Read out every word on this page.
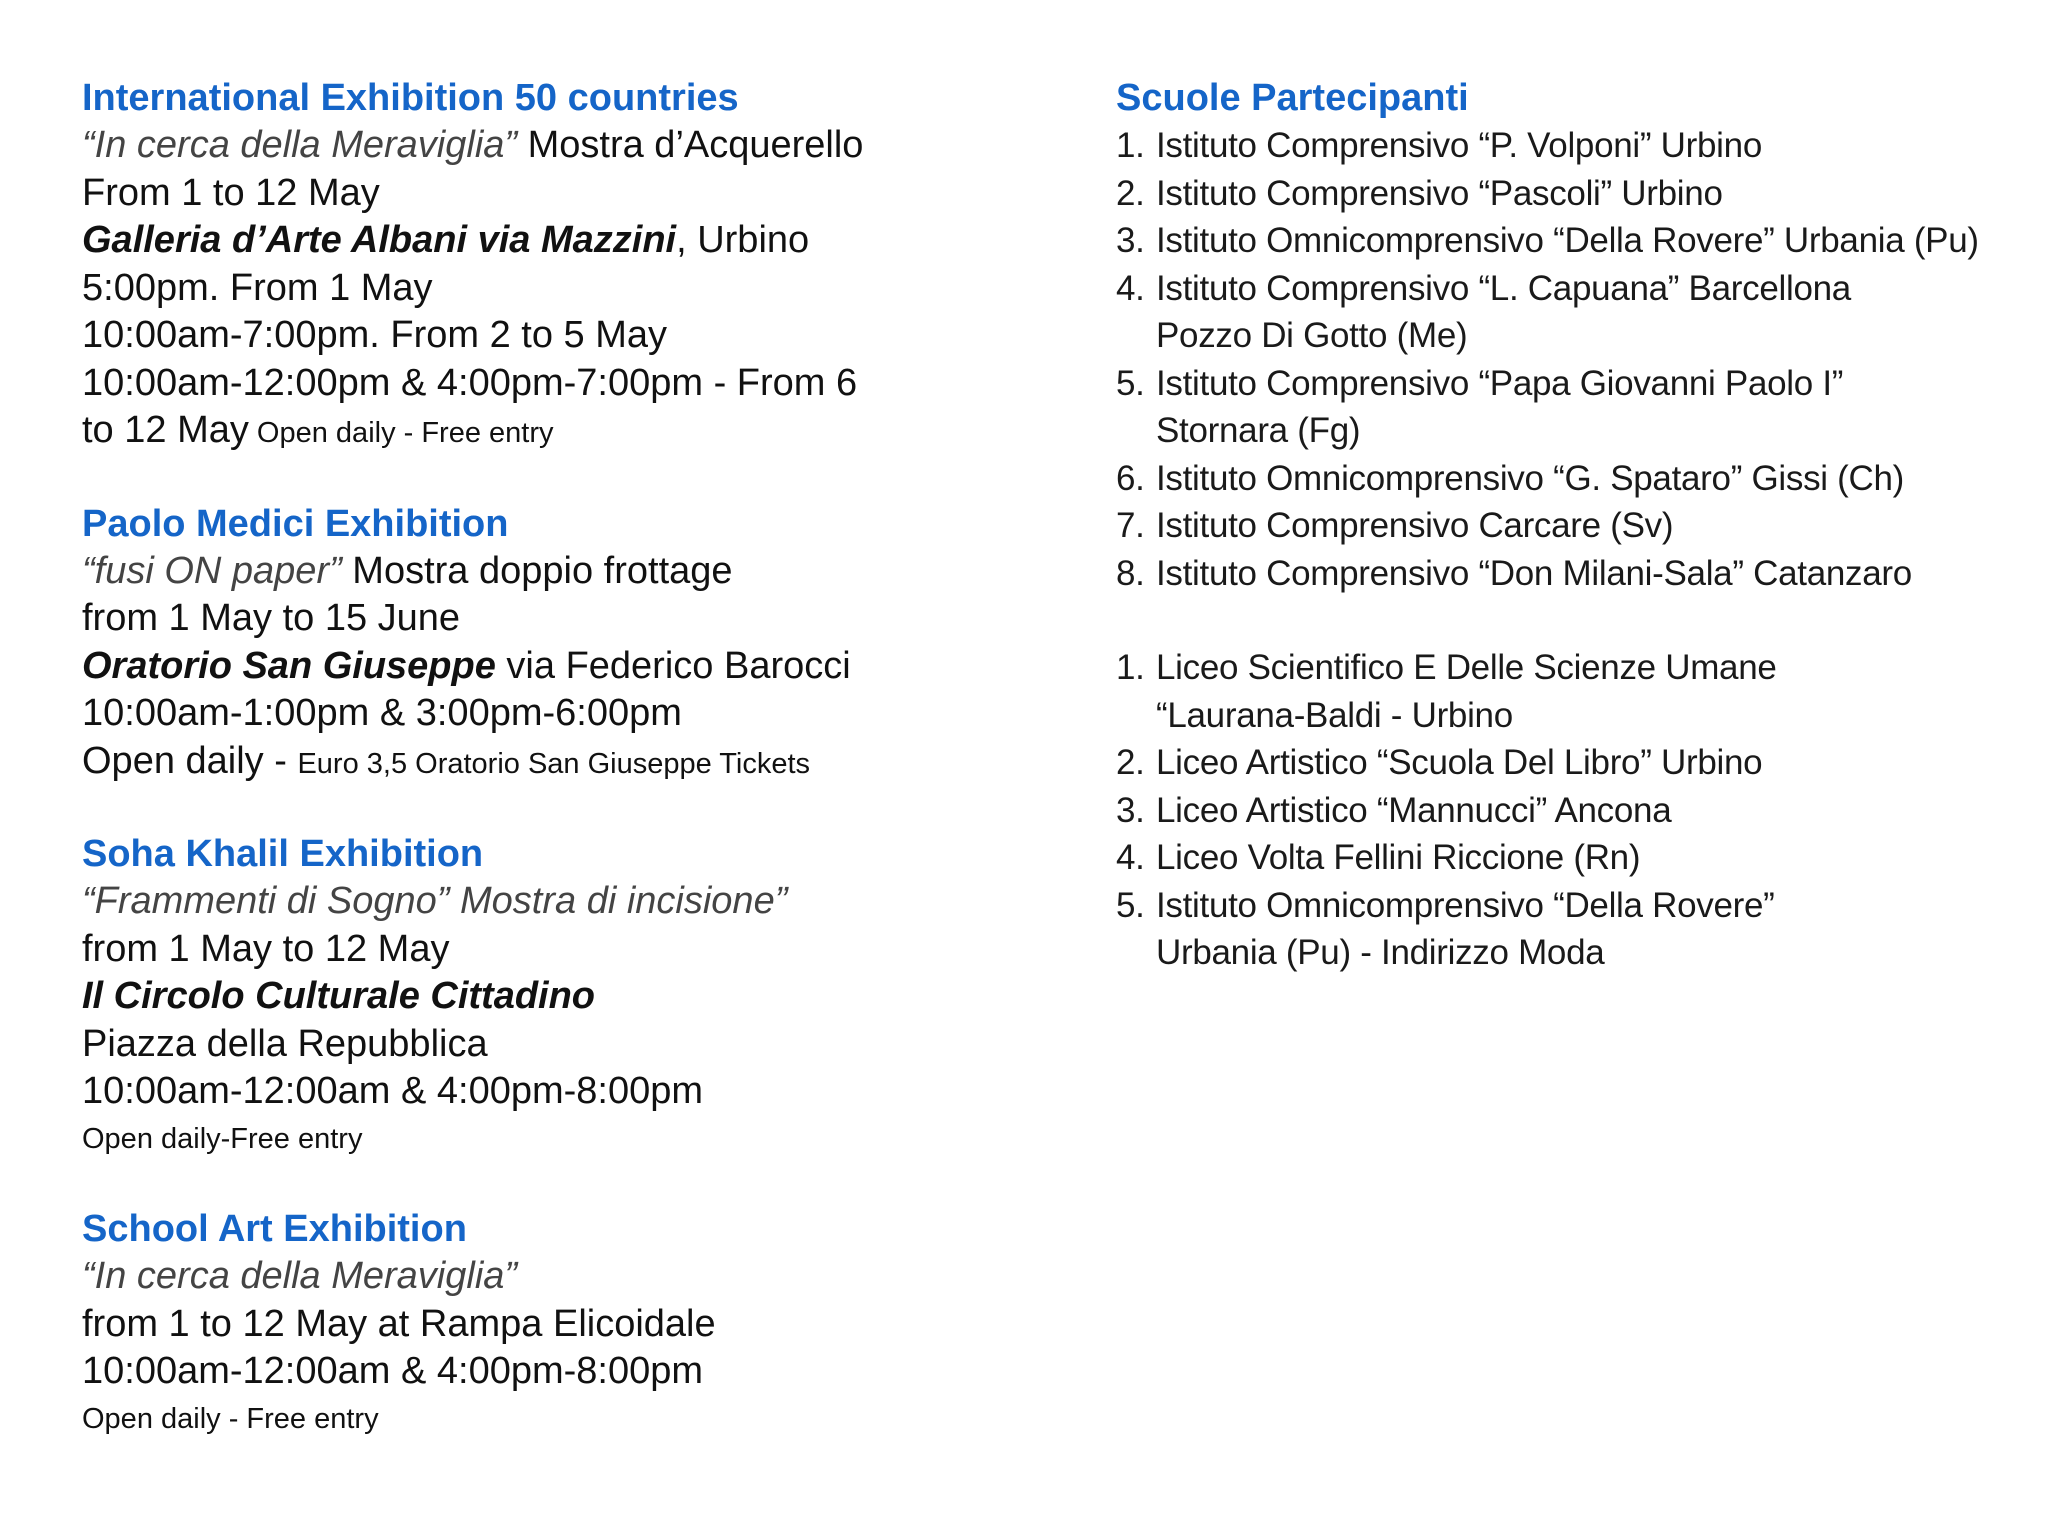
International Exhibition 50 countries

“In cerca della Meraviglia” Mostra d’Acquerello

From 1 to 12 May

Galleria d’Arte Albani via Mazzini, Urbino

5:00pm. From 1 May

10:00am-7:00pm. From 2 to 5 May

10:00am-12:00pm & 4:00pm-7:00pm - From 6

to 12 May Open daily - Free entry

Paolo Medici Exhibition

“fusi ON paper” Mostra doppio frottage

from 1 May to 15 June

Oratorio San Giuseppe via Federico Barocci

10:00am-1:00pm & 3:00pm-6:00pm

Open daily - Euro 3,5 Oratorio San Giuseppe Tickets

Soha Khalil Exhibition

“Frammenti di Sogno” Mostra di incisione”

from 1 May to 12 May

Il Circolo Culturale Cittadino

Piazza della Repubblica

10:00am-12:00am & 4:00pm-8:00pm

Open daily-Free entry

School Art Exhibition

“In cerca della Meraviglia”

from 1 to 12 May at Rampa Elicoidale

10:00am-12:00am & 4:00pm-8:00pm

Open daily - Free entry

Scuole Partecipanti

1. Istituto Comprensivo “P. Volponi” Urbino
2. Istituto Comprensivo “Pascoli” Urbino
3. Istituto Omnicomprensivo “Della Rovere” Urbania (Pu)
4. Istituto Comprensivo “L. Capuana” Barcellona
Pozzo Di Gotto (Me)
5. Istituto Comprensivo “Papa Giovanni Paolo I”
Stornara (Fg)
6. Istituto Omnicomprensivo “G. Spataro” Gissi (Ch)
7. Istituto Comprensivo Carcare (Sv)
8. Istituto Comprensivo “Don Milani-Sala” Catanzaro
1. Liceo Scientifico E Delle Scienze Umane
“Laurana-Baldi - Urbino
2. Liceo Artistico “Scuola Del Libro” Urbino
3. Liceo Artistico “Mannucci” Ancona
4. Liceo Volta Fellini Riccione (Rn)
5. Istituto Omnicomprensivo “Della Rovere”
Urbania (Pu) - Indirizzo Moda
